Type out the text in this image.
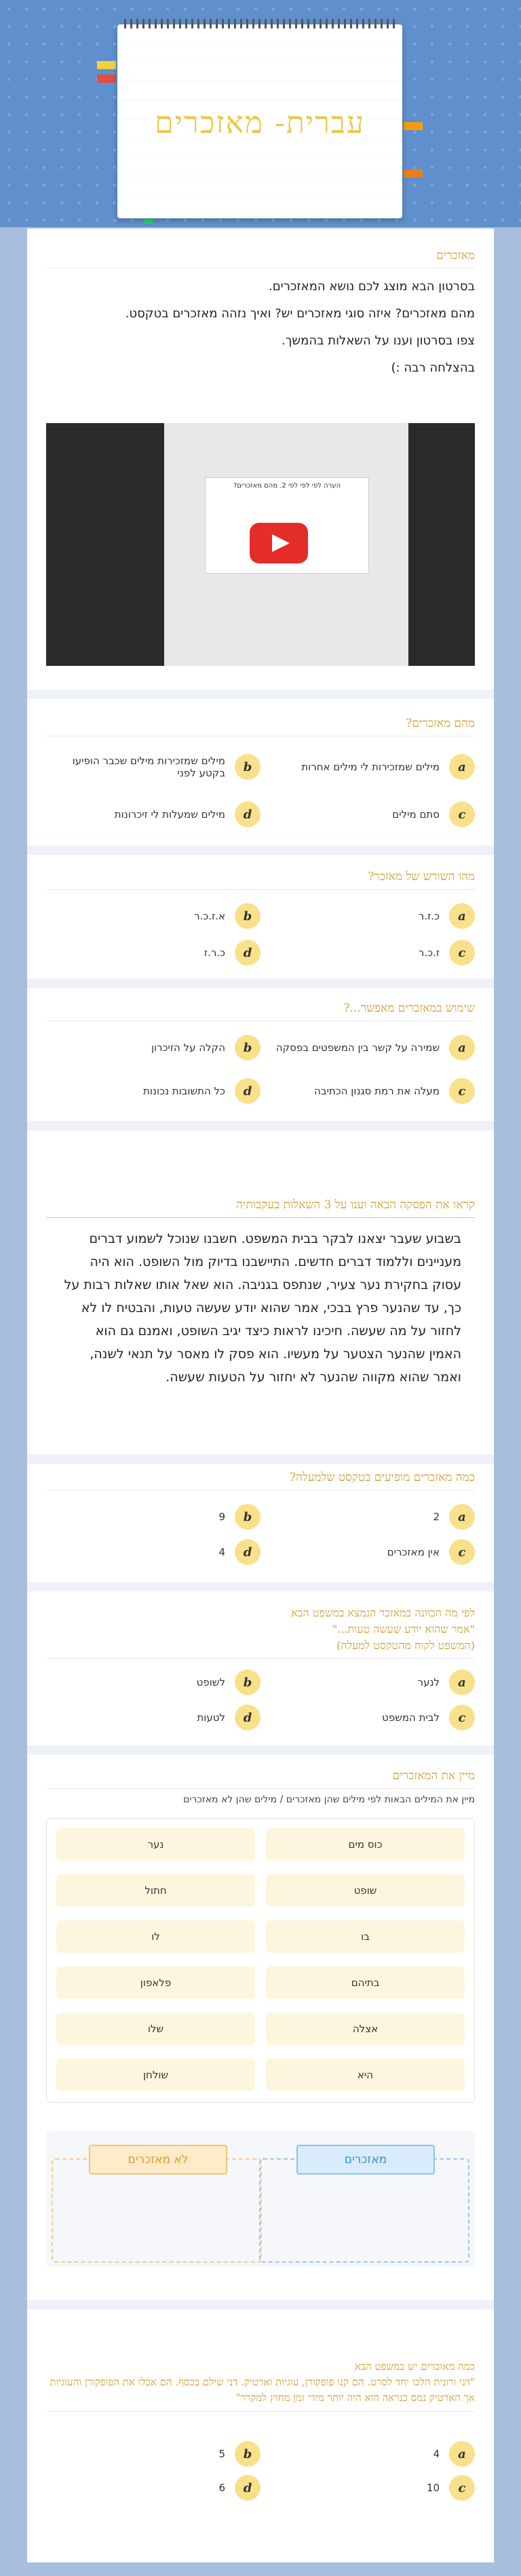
עברית- מאזכרים
מאזכרים

בסרטון הבא מוצג לכם נושא המאזכרים.

מהם מאזכרים? איזה סוגי מאזכרים יש? ואיך נזהה מאזכרים בטקסט.

צפו בסרטון וענו על השאלות בהמשך.

בהצלחה רבה :)

הערה לפי לפי לפי 2. מהם מאזכרים?
מהם מאזכרים?
a
מילים שמזכירות לי מילים אחרות
b
מילים שמזכירות מילים שכבר הופיעו בקטע לפני
c
סתם מילים
d
מילים שמעלות לי זיכרונות
מהו השורש של מאזכר?
a
כ.ז.ר
b
א.ז.כ.ר
c
ז.כ.ר
d
כ.ר.ז
שימוש במאזכרים מאפשר...?
a
שמירה על קשר בין המשפטים בפסקה
b
הקלה על הזיכרון
c
מעלה את רמת סגנון הכתיבה
d
כל התשובות נכונות
קראו את הפסקה הבאה וענו על 3 השאלות בעקבותיה
בשבוע שעבר יצאנו לבקר בבית המשפט. חשבנו שנוכל לשמוע דברים מעניינים וללמוד דברים חדשים. התיישבנו בדיוק מול השופט. הוא היה עסוק בחקירת נער צעיר, שנתפס בגניבה. הוא שאל אותו שאלות רבות על כך, עד שהנער פרץ בבכי, אמר שהוא יודע שעשה טעות, והבטיח לו לא לחזור על מה שעשה. חיכינו לראות כיצד יגיב השופט, ואמנם גם הוא האמין שהנער הצטער על מעשיו. הוא פסק לו מאסר על תנאי לשנה, ואמר שהוא מקווה שהנער לא יחזור על הטעות שעשה.
כמה מאזכרים מופיעים בטקסט שלמעלה?
a
2
b
9
c
אין מאזכרים
d
4
לפי מה הכוונה במאזכר הנמצא במשפט הבא
"אמר שהוא יודע שעשה טעות..."
(המשפט לקוח מהטקסט למעלה)
a
לנער
b
לשופט
c
לבית המשפט
d
לטעות
מיין את המאזכרים
מיין את המילים הבאות לפי מילים שהן מאזכרים / מילים שהן לא מאזכרים
כוס מים
נער
שופט
חתול
בו
לו
בתיהם
פלאפון
אצלה
שלו
היא
שולחן
מאזכרים
לא מאזכרים
כמה מאזכרים יש במשפט הבא
"דני ורונית הלכו יחד לסרט. הם קנו פופקורן, עוגיות וארטיק. דני שילם בכסף. הם אכלו את הפופקורן והעוגיות אך הארטיק נמס כנראה הוא היה יותר מידי זמן מחוץ למקרר"
a
4
b
5
c
10
d
6
